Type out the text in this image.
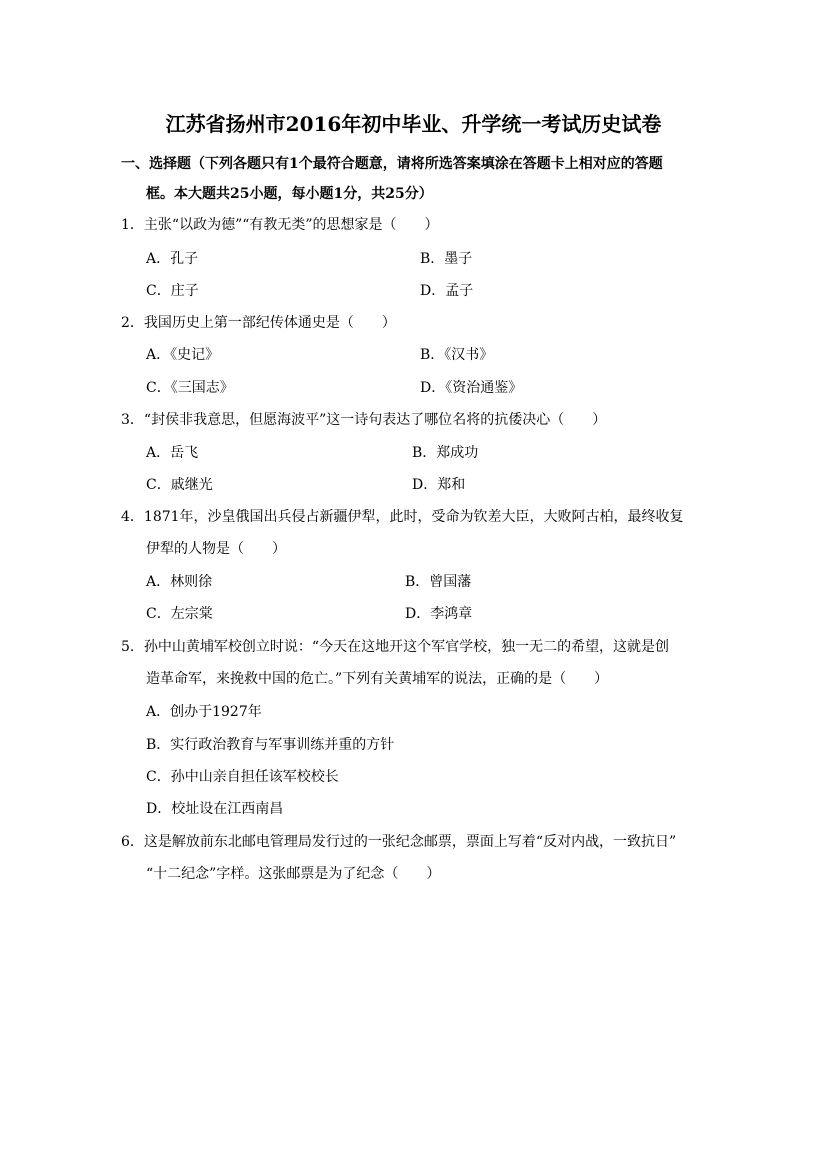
江苏省扬州市2016年初中毕业、升学统一考试历史试卷
一、选择题（下列各题只有1个最符合题意，请将所选答案填涂在答题卡上相对应的答题
框。本大题共25小题，每小题1分，共25分）
1．主张“以政为德”“有教无类”的思想家是（　　）
A．孔子	B．墨子
C．庄子	D．孟子
2．我国历史上第一部纪传体通史是（　　）
A．《史记》	B．《汉书》
C．《三国志》	D．《资治通鉴》
3．“封侯非我意思，但愿海波平”这一诗句表达了哪位名将的抗倭决心（　　）
A．岳飞	B．郑成功
C．戚继光	D．郑和
4．1871年，沙皇俄国出兵侵占新疆伊犁，此时，受命为钦差大臣，大败阿古柏，最终收复
伊犁的人物是（　　）
A．林则徐	B．曾国藩
C．左宗棠	D．李鸿章
5．孙中山黄埔军校创立时说：“今天在这地开这个军官学校，独一无二的希望，这就是创
造革命军，来挽救中国的危亡。”下列有关黄埔军的说法，正确的是（　　）
A．创办于1927年
B．实行政治教育与军事训练并重的方针
C．孙中山亲自担任该军校校长
D．校址设在江西南昌
6．这是解放前东北邮电管理局发行过的一张纪念邮票，票面上写着“反对内战，一致抗日”
“十二纪念”字样。这张邮票是为了纪念（　　）
